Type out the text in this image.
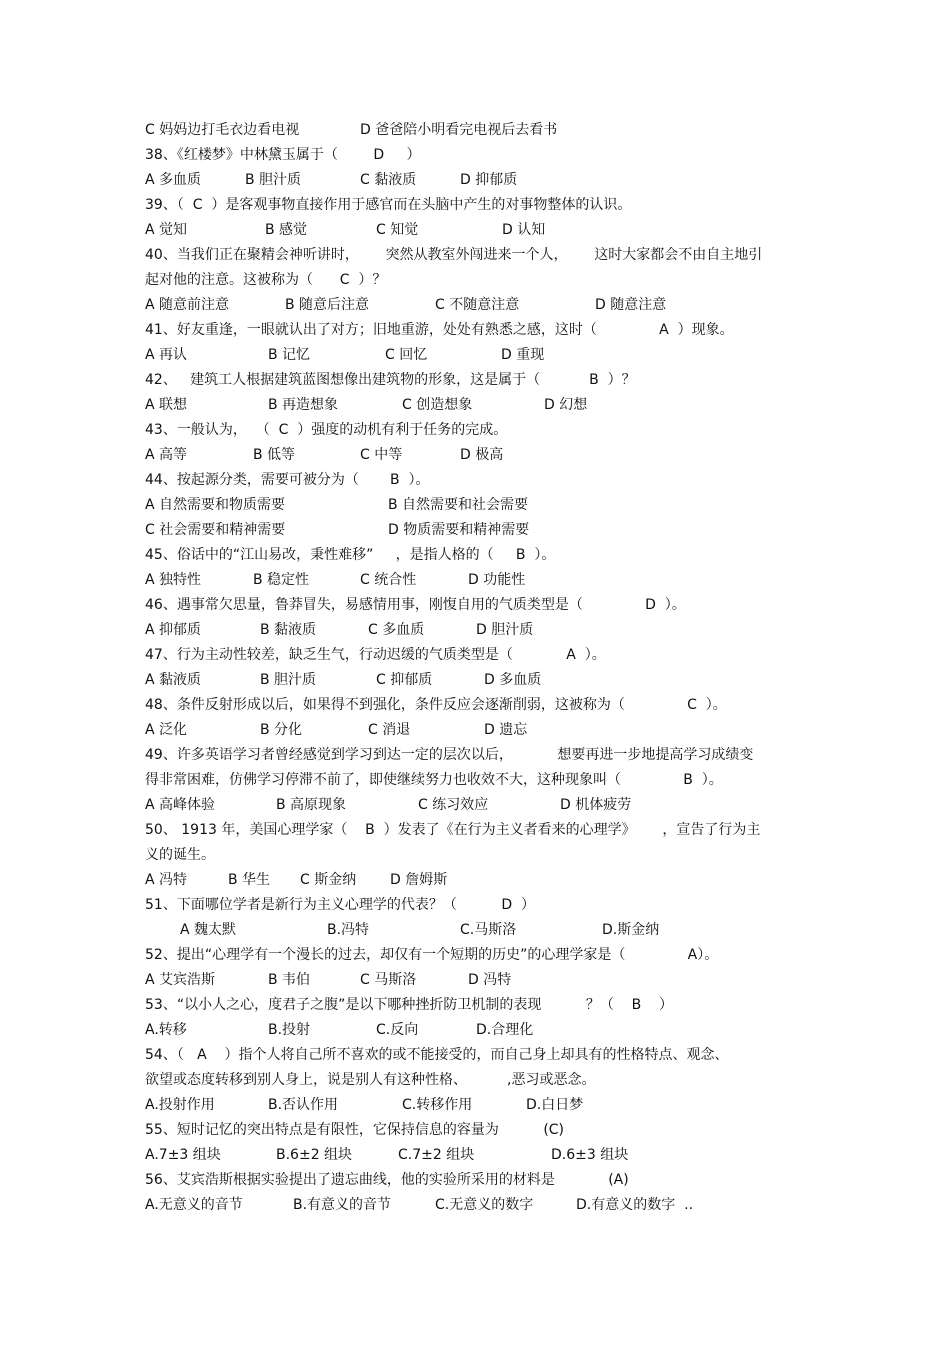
C 妈妈边打毛衣边看电视	D 爸爸陪小明看完电视后去看书
38、《红楼梦》中林黛玉属于（        D     ）
A 多血质	B 胆汁质	C 黏液质	D 抑郁质
39、（  C  ）是客观事物直接作用于感官而在头脑中产生的对事物整体的认识。
A 觉知	B 感觉	C 知觉	D 认知
40、当我们正在聚精会神听讲时，      突然从教室外闯进来一个人，      这时大家都会不由自主地引
起对他的注意。这被称为（      C  ）？
A 随意前注意	B 随意后注意	C 不随意注意	D 随意注意
41、好友重逢，一眼就认出了对方；旧地重游，处处有熟悉之感，这时（              A  ）现象。
A 再认	B 记忆	C 回忆	D 重现
42、   建筑工人根据建筑蓝图想像出建筑物的形象，这是属于（           B  ）？
A 联想	B 再造想象	C 创造想象	D 幻想
43、一般认为，  （  C  ）强度的动机有利于任务的完成。
A 高等	B 低等	C 中等	D 极高
44、按起源分类，需要可被分为（       B  ）。
A 自然需要和物质需要	B 自然需要和社会需要
C 社会需要和精神需要	D 物质需要和精神需要
45、俗话中的“江山易改，秉性难移”     ，是指人格的（     B  ）。
A 独特性	B 稳定性	C 统合性	D 功能性
46、遇事常欠思量，鲁莽冒失，易感情用事，刚愎自用的气质类型是（              D  ）。
A 抑郁质	B 黏液质	C 多血质	D 胆汁质
47、行为主动性较差，缺乏生气，行动迟缓的气质类型是（            A  ）。
A 黏液质	B 胆汁质	C 抑郁质	D 多血质
48、条件反射形成以后，如果得不到强化，条件反应会逐渐削弱，这被称为（              C  ）。
A 泛化	B 分化	C 消退	D 遗忘
49、许多英语学习者曾经感觉到学习到达一定的层次以后，          想要再进一步地提高学习成绩变
得非常困难，仿佛学习停滞不前了，即使继续努力也收效不大，这种现象叫（              B  ）。
A 高峰体验	B 高原现象	C 练习效应	D 机体疲劳
50、 1913 年，美国心理学家（    B  ）发表了《在行为主义者看来的心理学》      ，宣告了行为主
义的诞生。
A 冯特	B 华生 C 斯金纳 D 詹姆斯
51、下面哪位学者是新行为主义心理学的代表？（          D  ）
A 魏太默	B.冯特	C.马斯洛	D.斯金纳
52、提出“心理学有一个漫长的过去，却仅有一个短期的历史”的心理学家是（              A）。
A 艾宾浩斯	B 韦伯	C 马斯洛	D 冯特
53、“以小人之心，度君子之腹”是以下哪种挫折防卫机制的表现          ？（    B    ）
A.转移	B.投射	C.反向	D.合理化
54、（   A    ）指个人将自己所不喜欢的或不能接受的，而自己身上却具有的性格特点、观念、
欲望或态度转移到别人身上，说是别人有这种性格、         ,恶习或恶念。
A.投射作用	B.否认作用	C.转移作用	D.白日梦
55、短时记忆的突出特点是有限性，它保持信息的容量为          (C)
A.7±3 组块	B.6±2 组块	C.7±2 组块	D.6±3 组块
56、艾宾浩斯根据实验提出了遗忘曲线，他的实验所采用的材料是            (A)
A.无意义的音节	B.有意义的音节	C.无意义的数字	D.有意义的数字  ..
